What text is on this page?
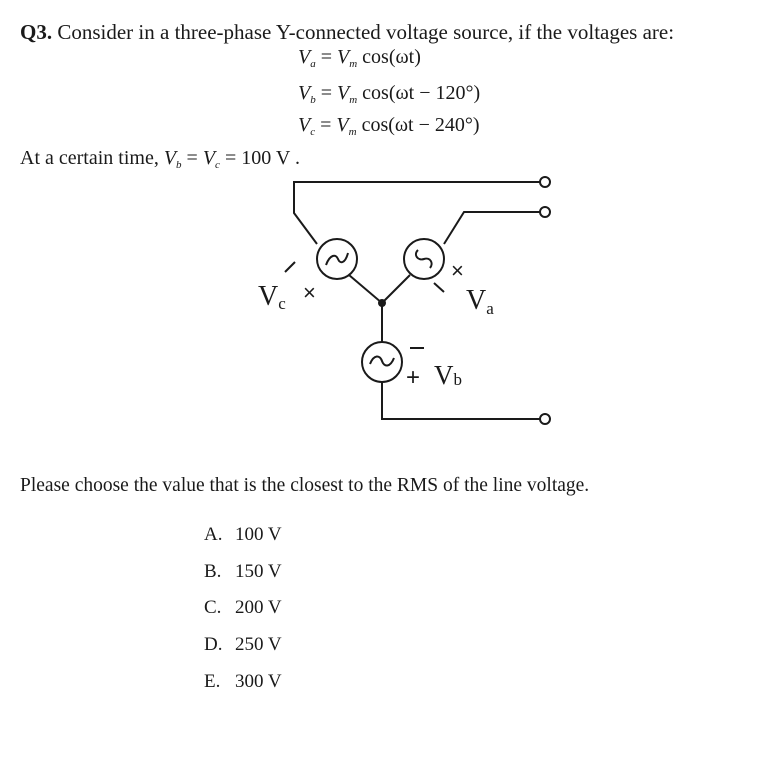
Q3. Consider in a three-phase Y-connected voltage source, if the voltages are:
$V_a = V_m$ cos(ωt)
$V_b = V_m$ cos(ωt − 120°)
$V_c = V_m$ cos(ωt − 240°)
At a certain time, $V_b = V_c = 100$ V .
×
×
+
Vc	Va
Vb
Please choose the value that is the closest to the RMS of the line voltage.
A. 100 V
B. 150 V
C. 200 V
D. 250 V
E. 300 V
